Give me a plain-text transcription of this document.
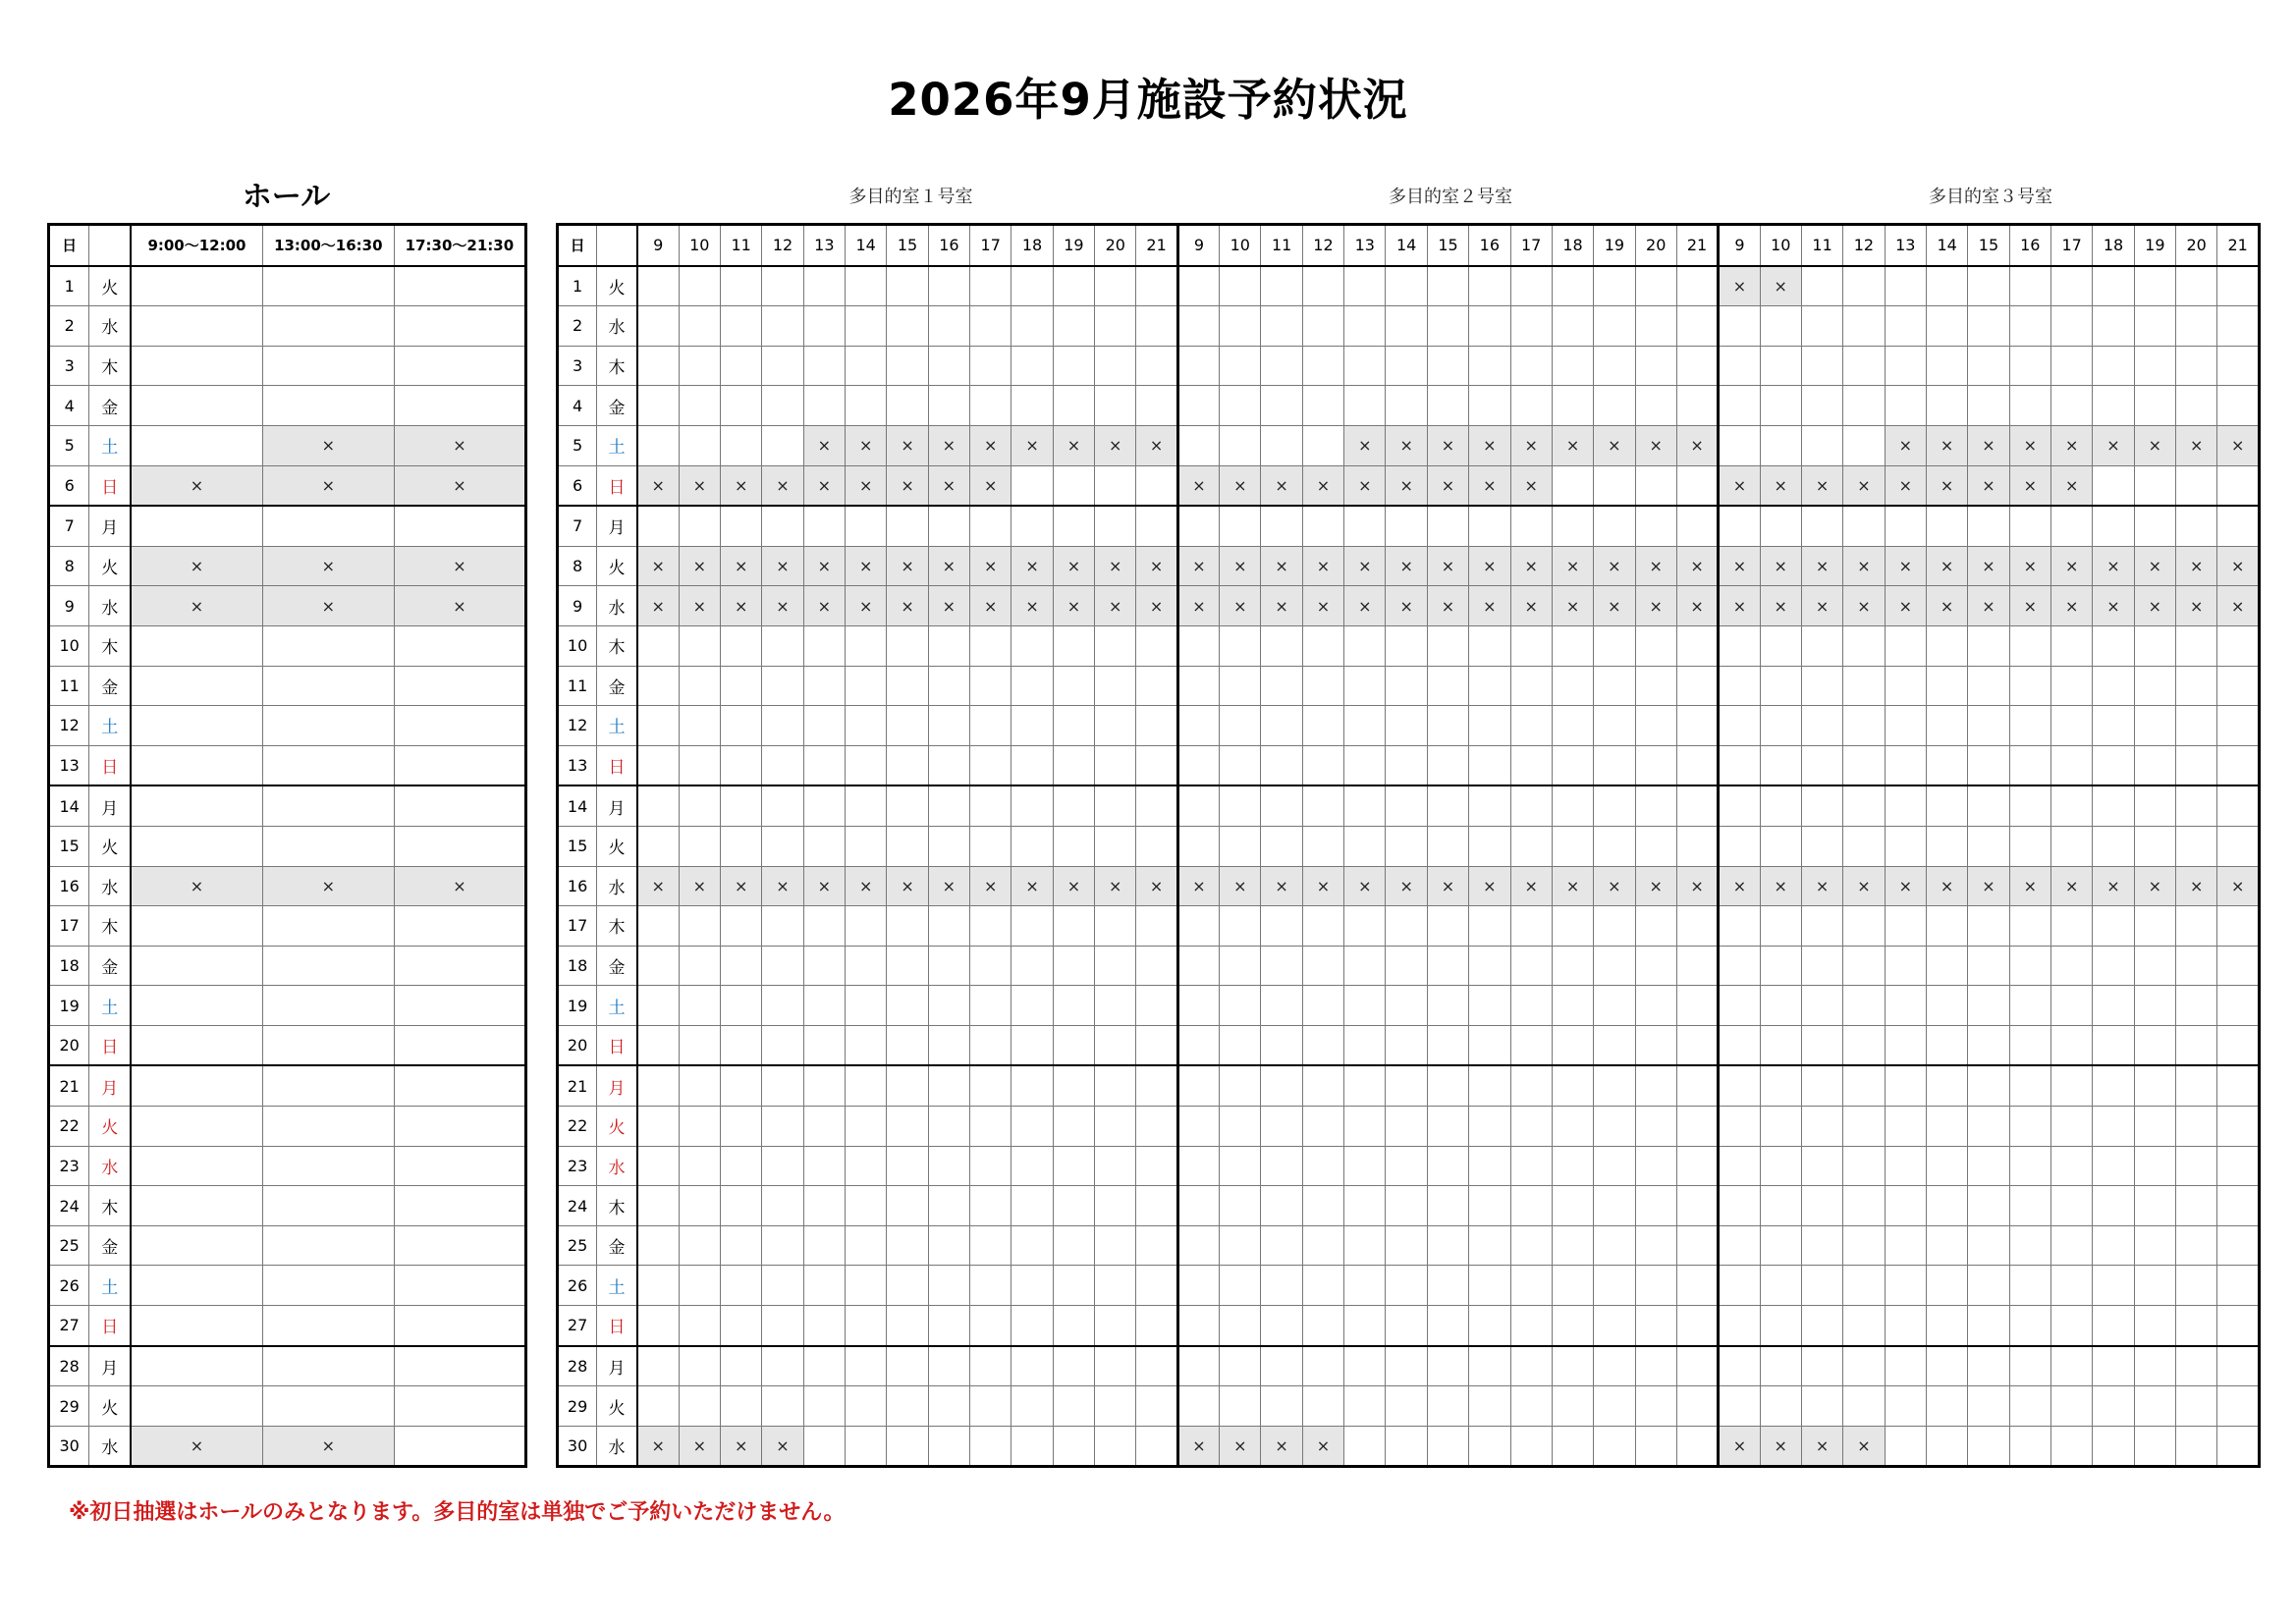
2026年9月施設予約状況
ホール	多目的室１号室	多目的室２号室	多目的室３号室
日		9:00～12:00	13:00～16:30	17:30～21:30
1	火			
2	水			
3	木			
4	金			
5	土		×	×
6	日	×	×	×
7	月			
8	火	×	×	×
9	水	×	×	×
10	木			
11	金			
12	土			
13	日			
14	月			
15	火			
16	水	×	×	×
17	木			
18	金			
19	土			
20	日			
21	月			
22	火			
23	水			
24	木			
25	金			
26	土			
27	日			
28	月			
29	火			
30	水	×	×	
日		9	10	11	12	13	14	15	16	17	18	19	20	21	9	10	11	12	13	14	15	16	17	18	19	20	21	9	10	11	12	13	14	15	16	17	18	19	20	21
1	火																											×	×											
2	水																																							
3	木																																							
4	金																																							
5	土					×	×	×	×	×	×	×	×	×					×	×	×	×	×	×	×	×	×					×	×	×	×	×	×	×	×	×
6	日	×	×	×	×	×	×	×	×	×					×	×	×	×	×	×	×	×	×					×	×	×	×	×	×	×	×	×				
7	月																																							
8	火	×	×	×	×	×	×	×	×	×	×	×	×	×	×	×	×	×	×	×	×	×	×	×	×	×	×	×	×	×	×	×	×	×	×	×	×	×	×	×
9	水	×	×	×	×	×	×	×	×	×	×	×	×	×	×	×	×	×	×	×	×	×	×	×	×	×	×	×	×	×	×	×	×	×	×	×	×	×	×	×
10	木																																							
11	金																																							
12	土																																							
13	日																																							
14	月																																							
15	火																																							
16	水	×	×	×	×	×	×	×	×	×	×	×	×	×	×	×	×	×	×	×	×	×	×	×	×	×	×	×	×	×	×	×	×	×	×	×	×	×	×	×
17	木																																							
18	金																																							
19	土																																							
20	日																																							
21	月																																							
22	火																																							
23	水																																							
24	木																																							
25	金																																							
26	土																																							
27	日																																							
28	月																																							
29	火																																							
30	水	×	×	×	×										×	×	×	×										×	×	×	×									
※初日抽選はホールのみとなります。多目的室は単独でご予約いただけません。
